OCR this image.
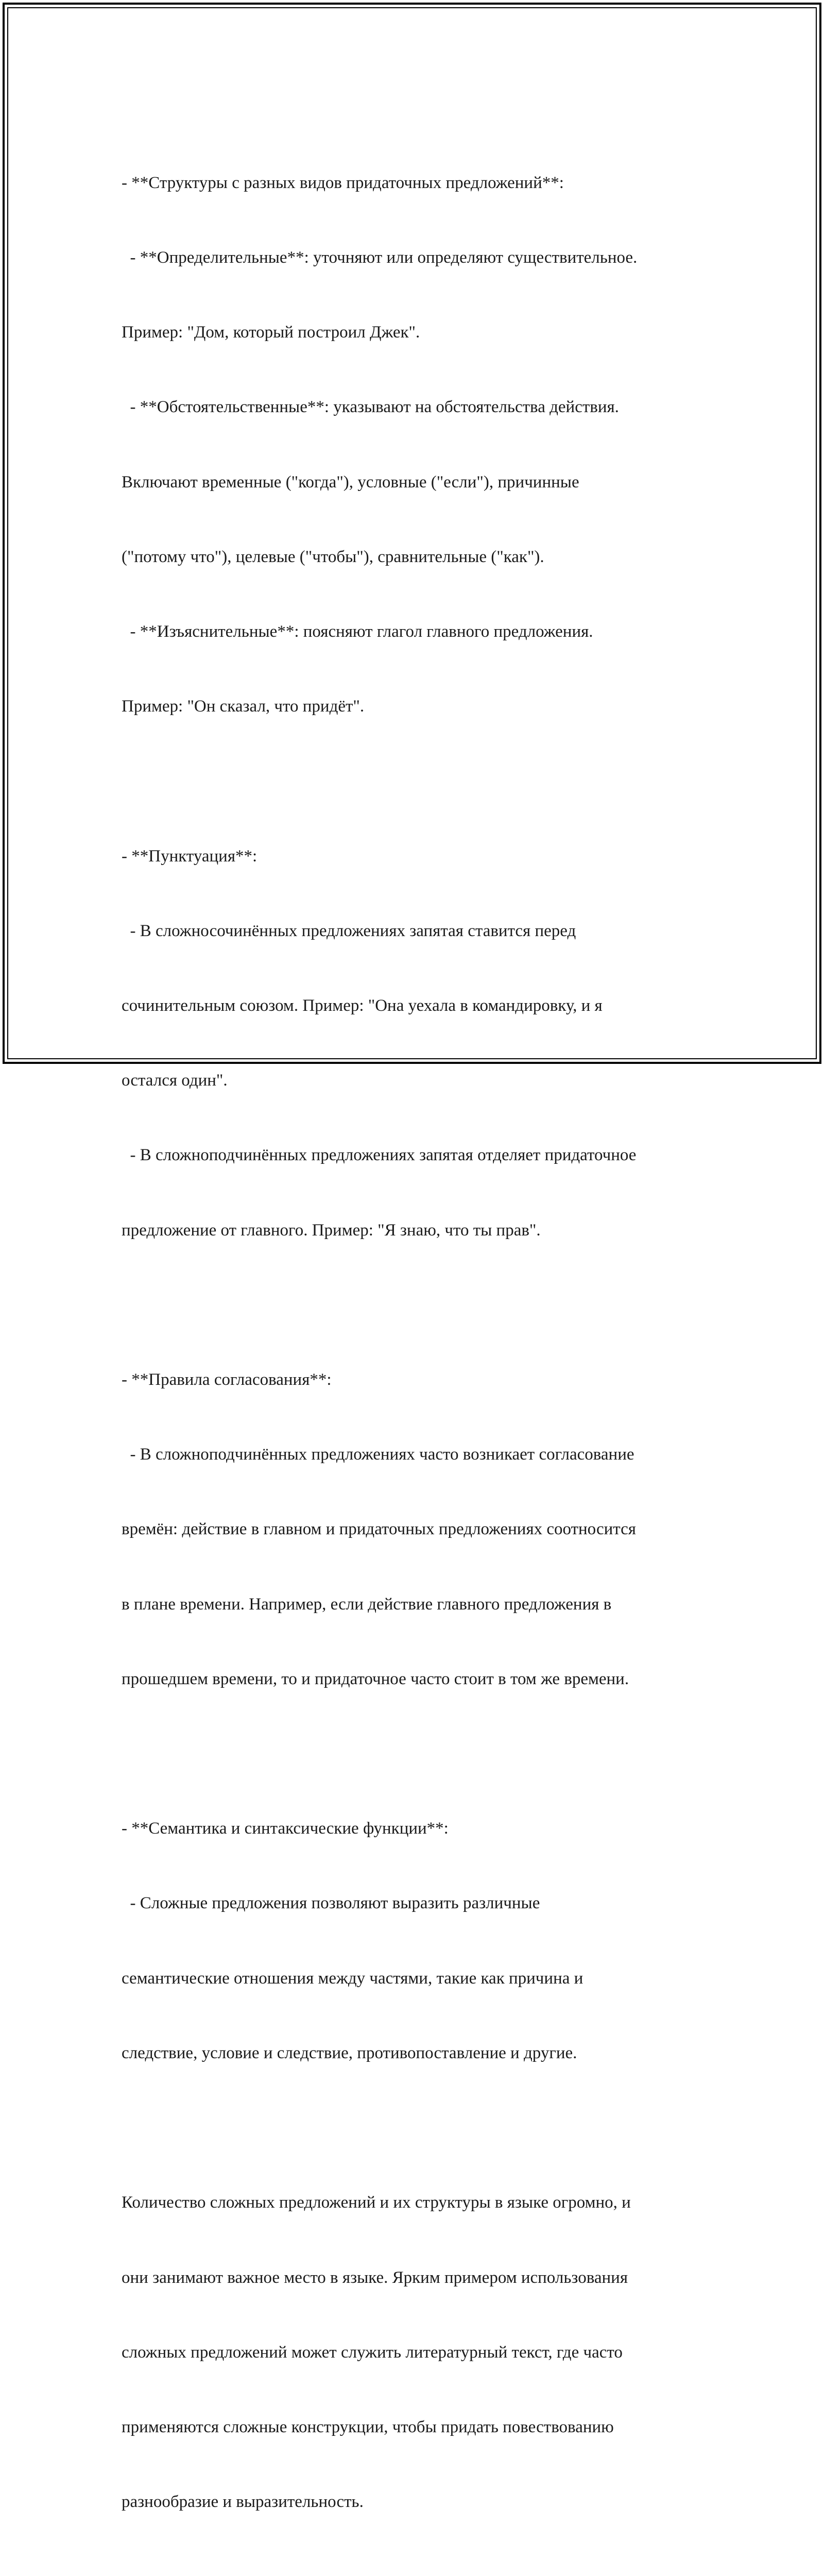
- **Структуры с разных видов придаточных предложений**:

- **Определительные**: уточняют или определяют существительное.

Пример: "Дом, который построил Джек".

- **Обстоятельственные**: указывают на обстоятельства действия.

Включают временные ("когда"), условные ("если"), причинные

("потому что"), целевые ("чтобы"), сравнительные ("как").

- **Изъяснительные**: поясняют глагол главного предложения.

Пример: "Он сказал, что придёт".

- **Пунктуация**:

- В сложносочинённых предложениях запятая ставится перед

сочинительным союзом. Пример: "Она уехала в командировку, и я

остался один".

- В сложноподчинённых предложениях запятая отделяет придаточное

предложение от главного. Пример: "Я знаю, что ты прав".

- **Правила согласования**:

- В сложноподчинённых предложениях часто возникает согласование

времён: действие в главном и придаточных предложениях соотносится

в плане времени. Например, если действие главного предложения в

прошедшем времени, то и придаточное часто стоит в том же времени.

- **Семантика и синтаксические функции**:

- Сложные предложения позволяют выразить различные

семантические отношения между частями, такие как причина и

следствие, условие и следствие, противопоставление и другие.

Количество сложных предложений и их структуры в языке огромно, и

они занимают важное место в языке. Ярким примером использования

сложных предложений может служить литературный текст, где часто

применяются сложные конструкции, чтобы придать повествованию

разнообразие и выразительность.
